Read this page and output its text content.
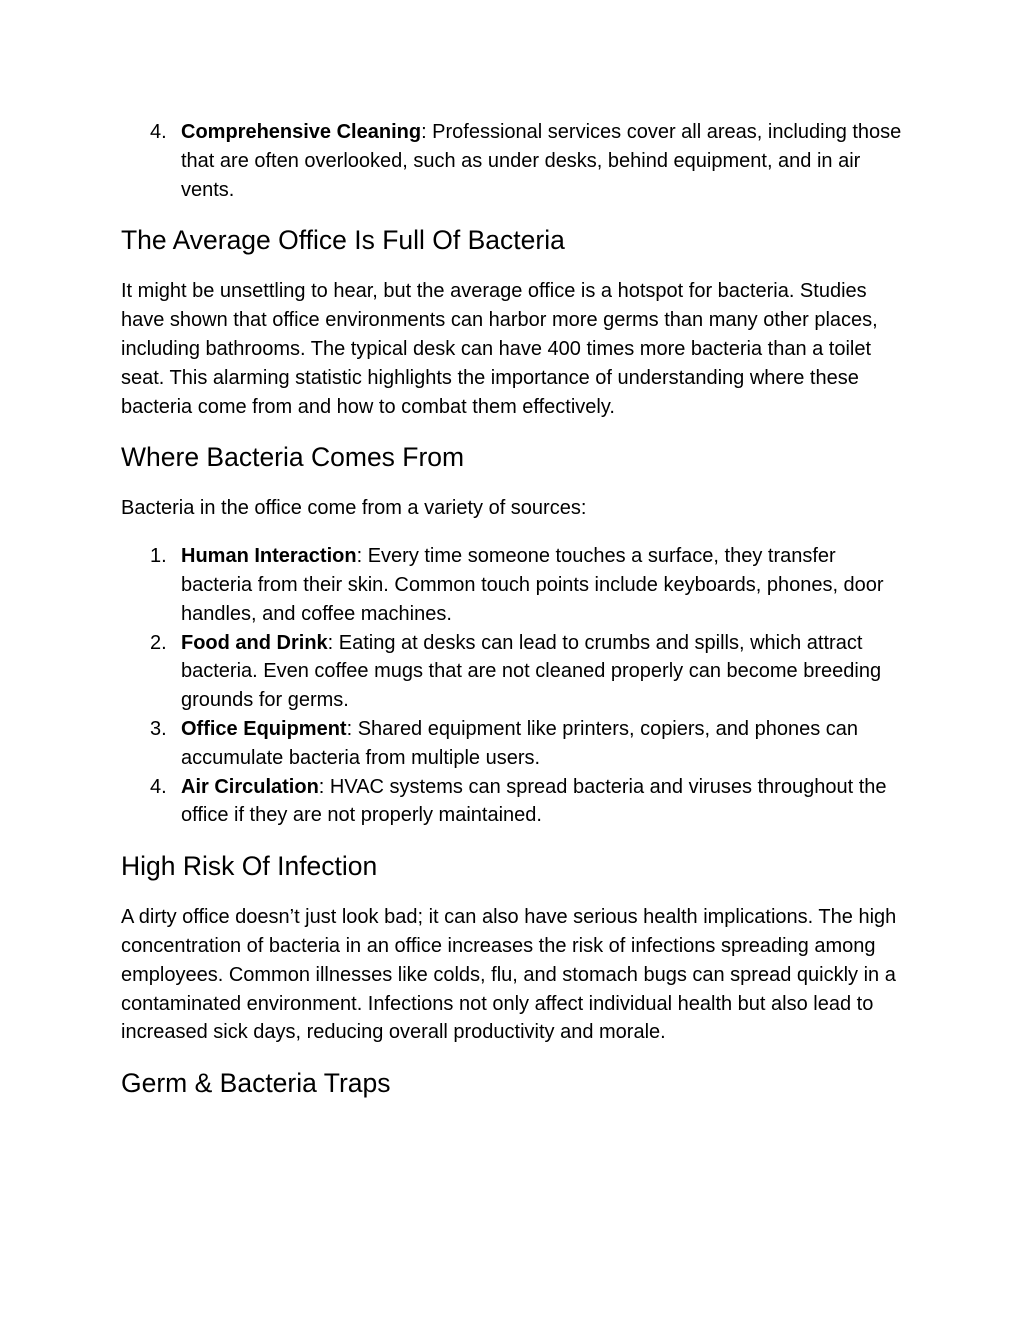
4. Comprehensive Cleaning: Professional services cover all areas, including those that are often overlooked, such as under desks, behind equipment, and in air vents.
The Average Office Is Full Of Bacteria

It might be unsettling to hear, but the average office is a hotspot for bacteria. Studies have shown that office environments can harbor more germs than many other places, including bathrooms. The typical desk can have 400 times more bacteria than a toilet seat. This alarming statistic highlights the importance of understanding where these bacteria come from and how to combat them effectively.

Where Bacteria Comes From

Bacteria in the office come from a variety of sources:

1. Human Interaction: Every time someone touches a surface, they transfer bacteria from their skin. Common touch points include keyboards, phones, door handles, and coffee machines.
2. Food and Drink: Eating at desks can lead to crumbs and spills, which attract bacteria. Even coffee mugs that are not cleaned properly can become breeding grounds for germs.
3. Office Equipment: Shared equipment like printers, copiers, and phones can accumulate bacteria from multiple users.
4. Air Circulation: HVAC systems can spread bacteria and viruses throughout the office if they are not properly maintained.
High Risk Of Infection

A dirty office doesn’t just look bad; it can also have serious health implications. The high concentration of bacteria in an office increases the risk of infections spreading among employees. Common illnesses like colds, flu, and stomach bugs can spread quickly in a contaminated environment. Infections not only affect individual health but also lead to increased sick days, reducing overall productivity and morale.

Germ & Bacteria Traps
